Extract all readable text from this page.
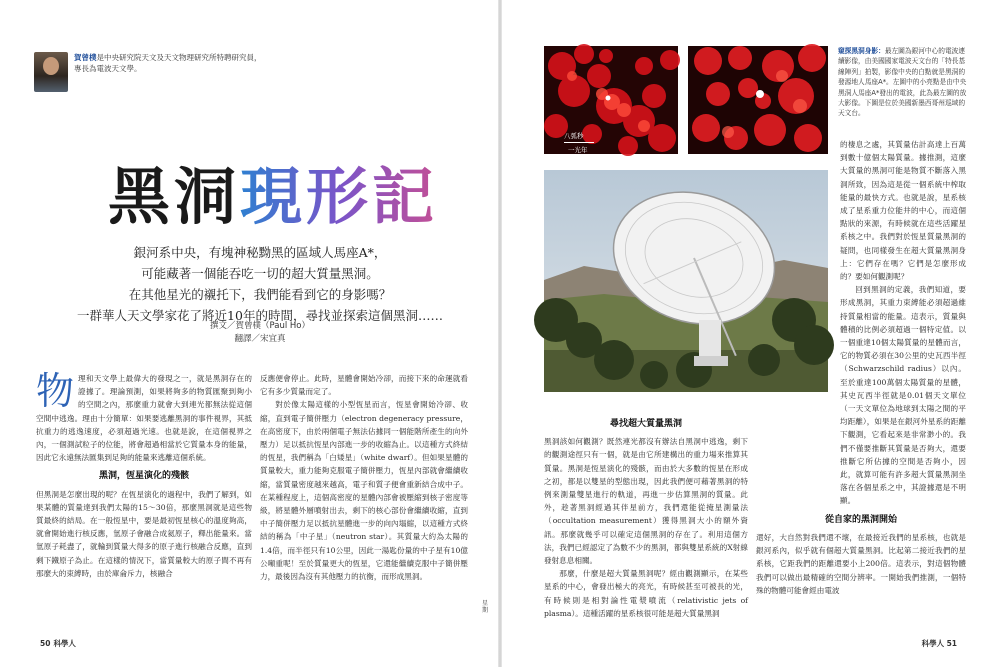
賀曾樸是中央研究院天文及天文物理研究所特聘研究員，專長為電波天文學。
黑洞現形記
銀河系中央，有塊神秘黝黑的區域人馬座A*，
可能藏著一個能吞吃一切的超大質量黑洞。
在其他星光的襯托下，我們能看到它的身影嗎？
一群華人天文學家花了將近10年的時間，尋找並探索這個黑洞……
撰文／賀曾樸（Paul Ho）
翻譯／宋宜真

物理和天文學上最偉大的發現之一，就是黑洞存在的證據了。理論預測，如果將夠多的物質匯聚到夠小的空間之內，那麼重力就會大到連光都無法從這個空間中逃逸。理由十分簡單：如果要逃離黑洞的事件視界，其抵抗重力的逃逸速度，必須超過光速。也就是說，在這個視界之內，一個測試粒子的位能，將會超過相當於它質量本身的能量，因此它永遠無法匯集到足夠的能量來逃離這個系統。

黑洞，恆星演化的殘骸

但黑洞是怎麼出現的呢？在恆星演化的過程中，我們了解到，如果某體的質量達到我們太陽的15～30倍，那麼黑洞就是這些物質最終的結局。在一般恆星中，要是最初恆星核心的溫度夠高，就會開始進行核反應，氫原子會融合成氦原子，釋出能量來。當氫原子耗盡了，就輪到質量大得多的原子進行核融合反應，直到剩下鐵原子為止。在這樣的情況下，當質量較大的原子間不再有那麼大的束縛時，由於庫侖斥力，核融合

反應便會停止。此時，星體會開始冷卻，而接下來的命運就看它有多少質量而定了。

對於像太陽這樣的小型恆星而言，恆星會開始冷卻、收縮，直到電子簡併壓力（electron degeneracy pressure，在高密度下，由於兩個電子無法佔據同一個能階所產生的向外壓力）足以抵抗恆星內部進一步的收縮為止。以這種方式終結的恆星，我們稱為「白矮星」（white dwarf）。但如果星體的質量較大，重力能夠克服電子簡併壓力，恆星內部就會繼續收縮，當質量密度越來越高，電子和質子便會重新結合成中子。在某種程度上，這個高密度的星體內部會被壓縮到核子密度等級，將星體外層噴射出去，剩下的核心部份會繼續收縮，直到中子簡併壓力足以抵抗星體進一步的向內塌縮，以這種方式終結的稱為「中子星」（neutron star）。其質量大約為太陽的1.4倍，而半徑只有10公里，因此一湯匙份量的中子星有10億公噸重呢！至於質量更大的恆星，它還能繼續克服中子簡併壓力，最後因為沒有其他壓力的抗衡，而形成黑洞。

50 科學人
星期
八弧秒
一光年
窺探黑洞身影：最左圖為銀河中心的電波連續影像，由美國國家電波天文台的「特長基線陣列」拍製，影像中央的白點就是黑洞的發源地人馬座A*。左圖中的小亮點是由中央黑洞人馬座A*發出的電波，此為最左圖的放大影像。下圖是位於美國新墨西哥州巡域的天文台。
尋找超大質量黑洞

黑洞該如何觀測？既然連光都沒有辦法自黑洞中逃逸，剩下的觀測途徑只有一個，就是由它所建構出的重力場來推算其質量。黑洞是恆星演化的殘骸，而由於大多數的恆星在形成之初，都是以雙星的型態出現，因此我們便可藉著黑洞的特例來測量雙星進行的軌道，再進一步估算黑洞的質量。此外，趁著黑洞經過其伴星前方，我們還能從掩星測量法（occultation measurement）獲得黑洞大小的額外資訊。那麼就幾乎可以確定這個黑洞的存在了。利用這個方法，我們已經認定了為數不少的黑洞，都與雙星系統的X射線發射息息相關。

那麼，什麼是超大質量黑洞呢？經由觀測顯示，在某些星系的中心，會發出極大的亮光，有時候甚至可被長的光，有時候則是相對論性電漿噴流（relativistic jets of plasma）。這種活躍的星系核很可能是超大質量黑洞

的棲息之處，其質量估計高達上百萬到數十億個太陽質量。據推測，這麼大質量的黑洞可能是物質不斷落入黑洞所致，因為這是從一個系統中榨取能量的最快方式。也就是說，星系核成了星系重力位能井的中心，而這個點狀的來源，有時候就在這些活躍星系核之中。我們對於恆星質量黑洞的疑問，也同樣發生在超大質量黑洞身上：它們存在嗎？它們是怎麼形成的？要如何觀測呢？

回到黑洞的定義，我們知道，要形成黑洞，其重力束縛能必須超過維持質量相當的能量。這表示，質量與體積的比例必須超過一個特定值。以一個重達10個太陽質量的星體而言，它的物質必須在30公里的史瓦西半徑（Schwarzschild radius）以內。至於重達100萬個太陽質量的星體，其史瓦西半徑就是0.01個天文單位（一天文單位為地球到太陽之間的平均距離），如果是在銀河外星系的距離下觀測，它看起來是非常渺小的。我們不僅要推斷其質量是否夠大，還要推斷它所佔據的空間是否夠小，因此，就算可能有許多超大質量黑洞坐落在各個星系之中，其證據還是不明顯。

從自家的黑洞開始

還好，大自然對我們還不壞，在最接近我們的星系核，也就是銀河系內，似乎就有個超大質量黑洞。比起第二接近我們的星系核，它距我們的距離還要小上200倍。這表示，對這個物體我們可以做出最精確的空間分辨率。一開始我們推測，一個特殊的物體可能會經由電波

科學人 51
